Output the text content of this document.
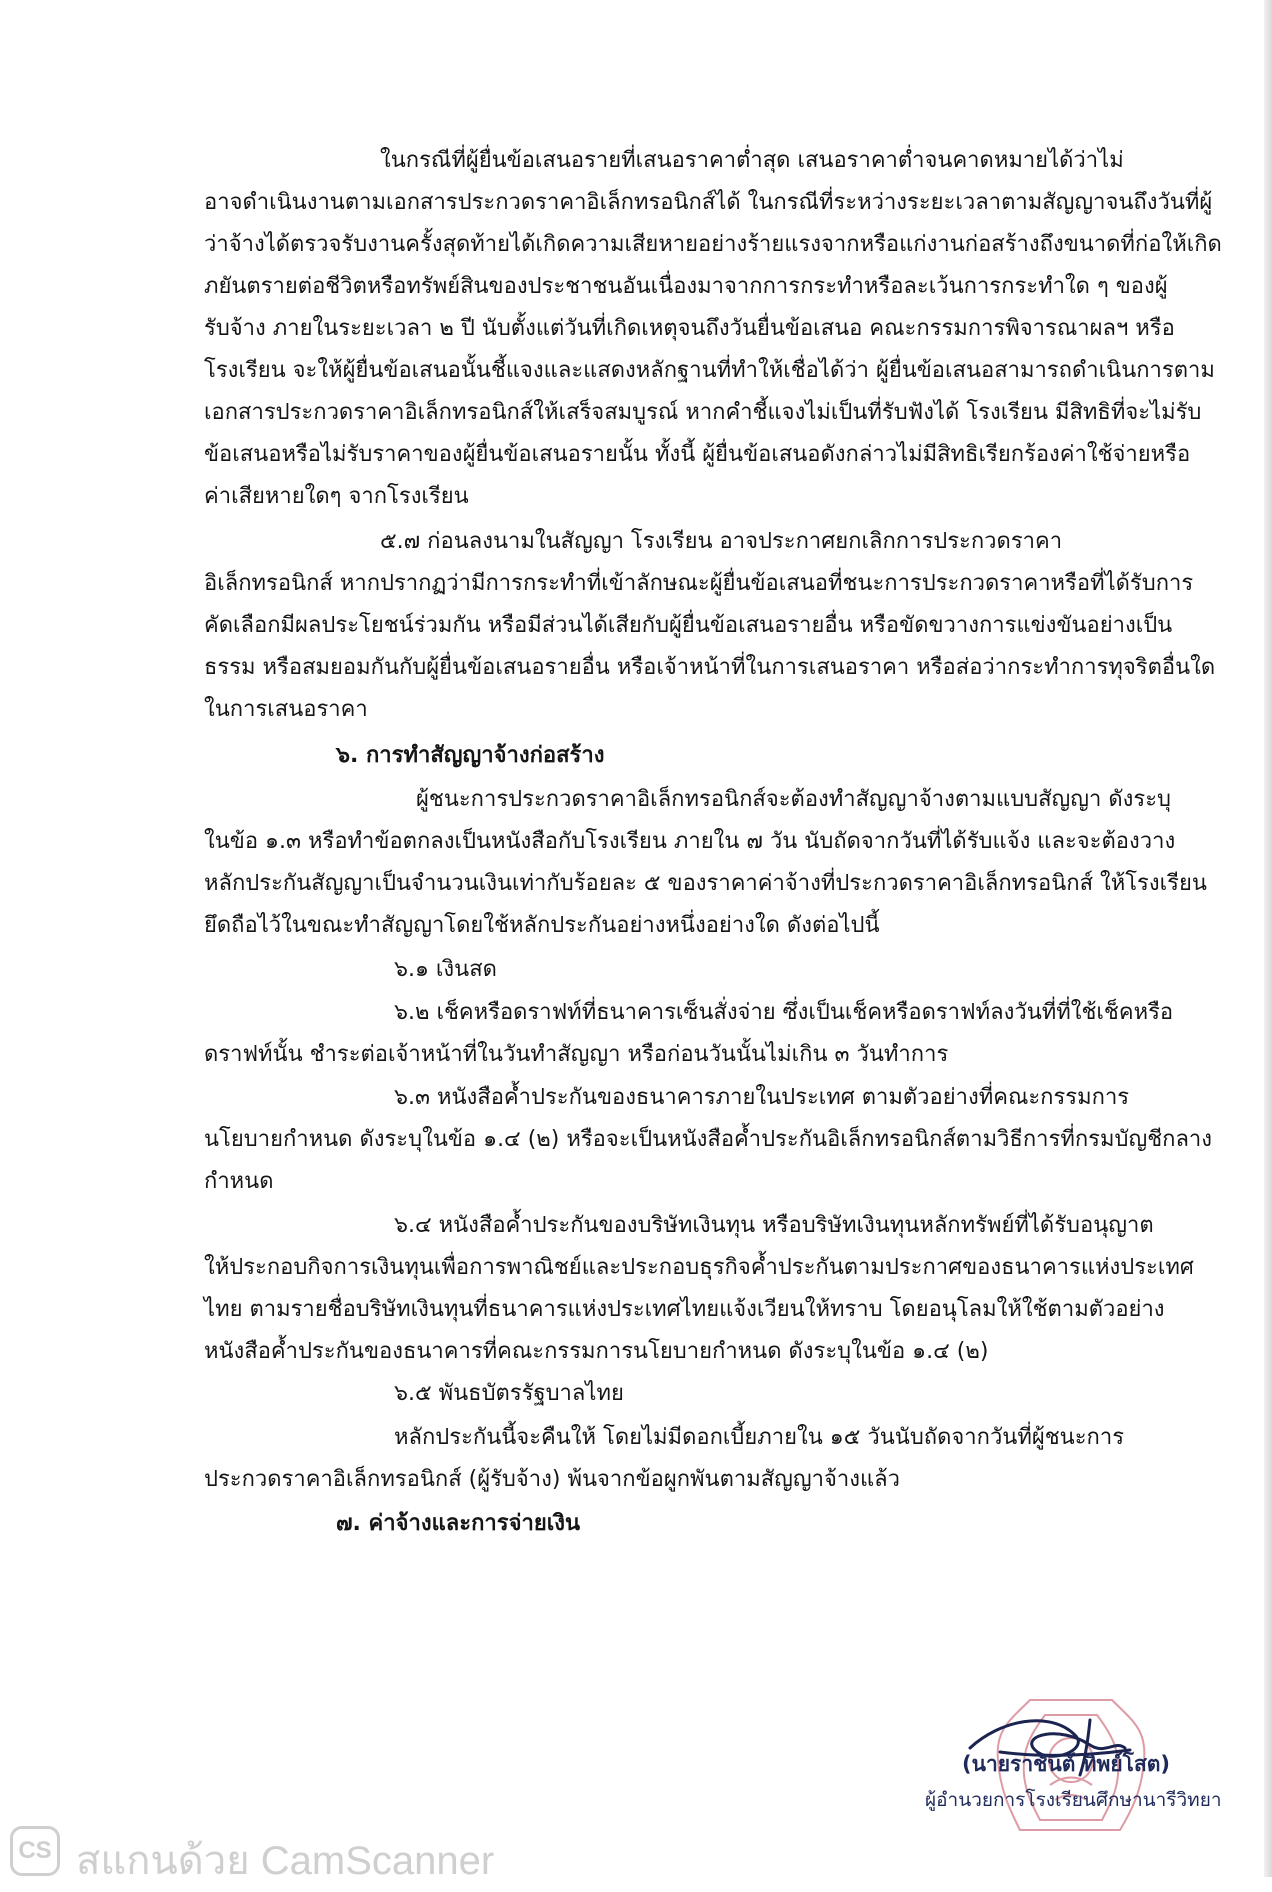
ในกรณีที่ผู้ยื่นข้อเสนอรายที่เสนอราคาต่ำสุด เสนอราคาต่ำจนคาดหมายได้ว่าไม่
อาจดำเนินงานตามเอกสารประกวดราคาอิเล็กทรอนิกส์ได้ ในกรณีที่ระหว่างระยะเวลาตามสัญญาจนถึงวันที่ผู้
ว่าจ้างได้ตรวจรับงานครั้งสุดท้ายได้เกิดความเสียหายอย่างร้ายแรงจากหรือแก่งานก่อสร้างถึงขนาดที่ก่อให้เกิด
ภยันตรายต่อชีวิตหรือทรัพย์สินของประชาชนอันเนื่องมาจากการกระทำหรือละเว้นการกระทำใด ๆ ของผู้
รับจ้าง ภายในระยะเวลา ๒ ปี นับตั้งแต่วันที่เกิดเหตุจนถึงวันยื่นข้อเสนอ คณะกรรมการพิจารณาผลฯ หรือ
โรงเรียน จะให้ผู้ยื่นข้อเสนอนั้นชี้แจงและแสดงหลักฐานที่ทำให้เชื่อได้ว่า ผู้ยื่นข้อเสนอสามารถดำเนินการตาม
เอกสารประกวดราคาอิเล็กทรอนิกส์ให้เสร็จสมบูรณ์ หากคำชี้แจงไม่เป็นที่รับฟังได้ โรงเรียน มีสิทธิที่จะไม่รับ
ข้อเสนอหรือไม่รับราคาของผู้ยื่นข้อเสนอรายนั้น ทั้งนี้ ผู้ยื่นข้อเสนอดังกล่าวไม่มีสิทธิเรียกร้องค่าใช้จ่ายหรือ
ค่าเสียหายใดๆ จากโรงเรียน
๕.๗ ก่อนลงนามในสัญญา โรงเรียน อาจประกาศยกเลิกการประกวดราคา
อิเล็กทรอนิกส์ หากปรากฏว่ามีการกระทำที่เข้าลักษณะผู้ยื่นข้อเสนอที่ชนะการประกวดราคาหรือที่ได้รับการ
คัดเลือกมีผลประโยชน์ร่วมกัน หรือมีส่วนได้เสียกับผู้ยื่นข้อเสนอรายอื่น หรือขัดขวางการแข่งขันอย่างเป็น
ธรรม หรือสมยอมกันกับผู้ยื่นข้อเสนอรายอื่น หรือเจ้าหน้าที่ในการเสนอราคา หรือส่อว่ากระทำการทุจริตอื่นใด
ในการเสนอราคา
๖. การทำสัญญาจ้างก่อสร้าง
ผู้ชนะการประกวดราคาอิเล็กทรอนิกส์จะต้องทำสัญญาจ้างตามแบบสัญญา ดังระบุ
ในข้อ ๑.๓ หรือทำข้อตกลงเป็นหนังสือกับโรงเรียน ภายใน ๗ วัน นับถัดจากวันที่ได้รับแจ้ง และจะต้องวาง
หลักประกันสัญญาเป็นจำนวนเงินเท่ากับร้อยละ ๕ ของราคาค่าจ้างที่ประกวดราคาอิเล็กทรอนิกส์ ให้โรงเรียน
ยึดถือไว้ในขณะทำสัญญาโดยใช้หลักประกันอย่างหนึ่งอย่างใด ดังต่อไปนี้
๖.๑ เงินสด
๖.๒ เช็คหรือดราฟท์ที่ธนาคารเซ็นสั่งจ่าย ซึ่งเป็นเช็คหรือดราฟท์ลงวันที่ที่ใช้เช็คหรือ
ดราฟท์นั้น ชำระต่อเจ้าหน้าที่ในวันทำสัญญา หรือก่อนวันนั้นไม่เกิน ๓ วันทำการ
๖.๓ หนังสือค้ำประกันของธนาคารภายในประเทศ ตามตัวอย่างที่คณะกรรมการ
นโยบายกำหนด ดังระบุในข้อ ๑.๔ (๒) หรือจะเป็นหนังสือค้ำประกันอิเล็กทรอนิกส์ตามวิธีการที่กรมบัญชีกลาง
กำหนด
๖.๔ หนังสือค้ำประกันของบริษัทเงินทุน หรือบริษัทเงินทุนหลักทรัพย์ที่ได้รับอนุญาต
ให้ประกอบกิจการเงินทุนเพื่อการพาณิชย์และประกอบธุรกิจค้ำประกันตามประกาศของธนาคารแห่งประเทศ
ไทย ตามรายชื่อบริษัทเงินทุนที่ธนาคารแห่งประเทศไทยแจ้งเวียนให้ทราบ โดยอนุโลมให้ใช้ตามตัวอย่าง
หนังสือค้ำประกันของธนาคารที่คณะกรรมการนโยบายกำหนด ดังระบุในข้อ ๑.๔ (๒)
๖.๕ พันธบัตรรัฐบาลไทย
หลักประกันนี้จะคืนให้ โดยไม่มีดอกเบี้ยภายใน ๑๕ วันนับถัดจากวันที่ผู้ชนะการ
ประกวดราคาอิเล็กทรอนิกส์ (ผู้รับจ้าง) พ้นจากข้อผูกพันตามสัญญาจ้างแล้ว
๗. ค่าจ้างและการจ่ายเงิน
(นายราชันต์ ทิพย์โสต)
ผู้อำนวยการโรงเรียนศึกษานารีวิทยา
CS สแกนด้วย CamScanner
